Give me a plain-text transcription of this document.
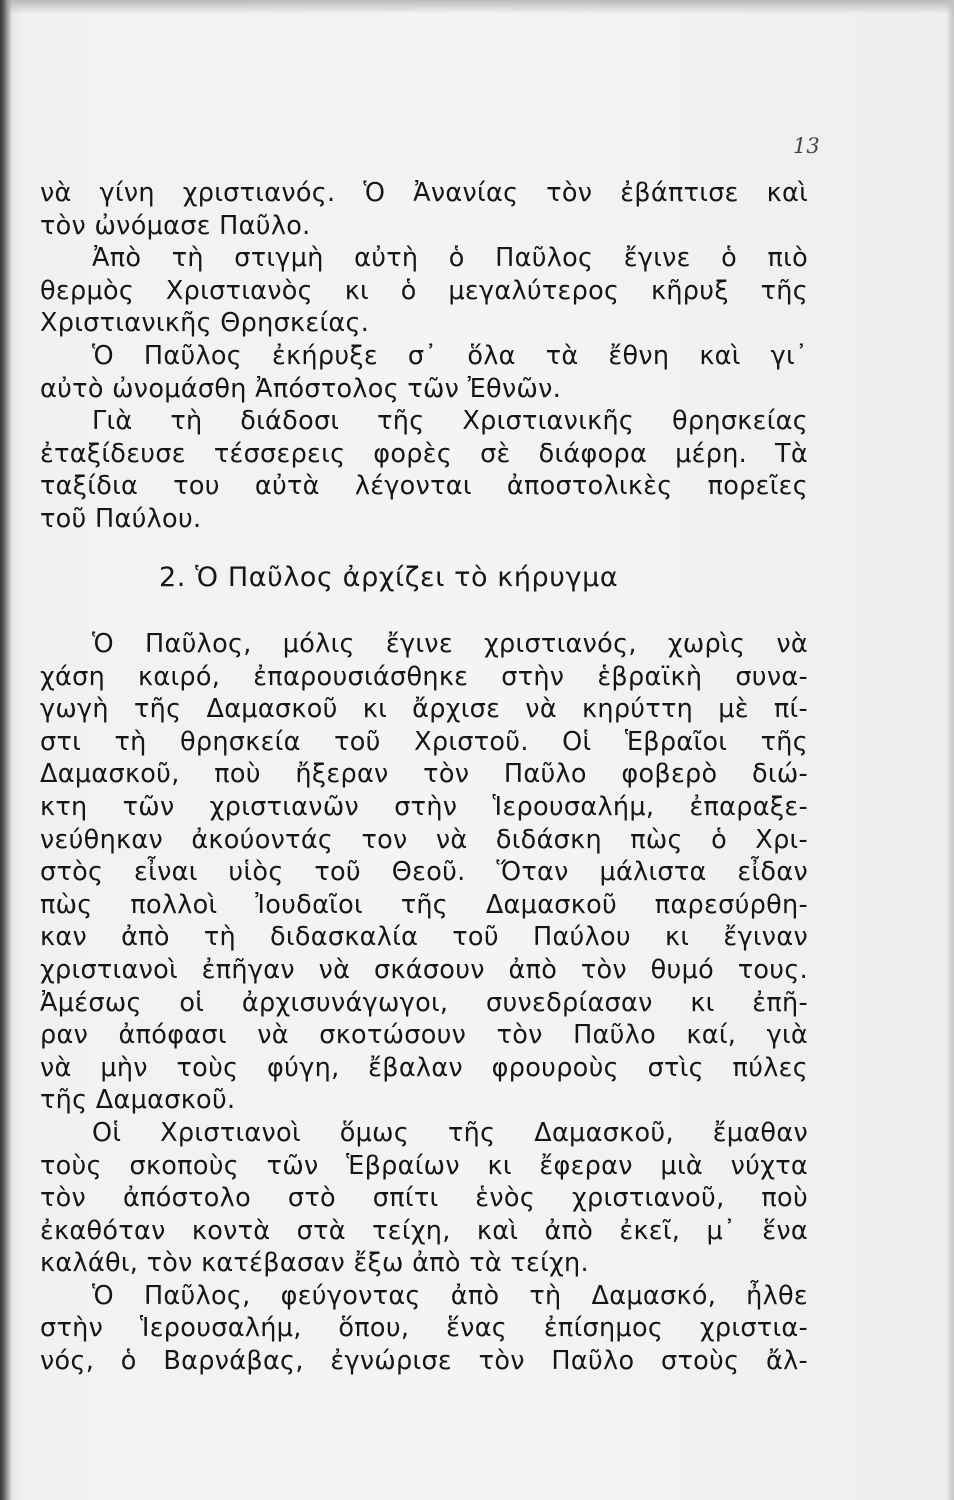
13
νὰ γίνη χριστιανός. Ὁ Ἀνανίας τὸν ἐβάπτισε καὶ
τὸν ὠνόμασε Παῦλο.
Ἀπὸ τὴ στιγμὴ αὐτὴ ὁ Παῦλος ἔγινε ὁ πιὸ
θερμὸς Χριστιανὸς κι ὁ μεγαλύτερος κῆρυξ τῆς
Χριστιανικῆς Θρησκείας.
Ὁ Παῦλος ἐκήρυξε σ᾿ ὅλα τὰ ἔθνη καὶ γι᾿
αὐτὸ ὠνομάσθη Ἀπόστολος τῶν Ἐθνῶν.
Γιὰ τὴ διάδοσι τῆς Χριστιανικῆς θρησκείας
ἐταξίδευσε τέσσερεις φορὲς σὲ διάφορα μέρη. Τὰ
ταξίδια του αὐτὰ λέγονται ἀποστολικὲς πορεῖες
τοῦ Παύλου.
2. Ὁ Παῦλος ἀρχίζει τὸ κήρυγμα
Ὁ Παῦλος, μόλις ἔγινε χριστιανός, χωρὶς νὰ
χάση καιρό, ἐπαρουσιάσθηκε στὴν ἑβραϊκὴ συνα-
γωγὴ τῆς Δαμασκοῦ κι ἄρχισε νὰ κηρύττη μὲ πί-
στι τὴ θρησκεία τοῦ Χριστοῦ. Οἱ Ἑβραῖοι τῆς
Δαμασκοῦ, ποὺ ἤξεραν τὸν Παῦλο φοβερὸ διώ-
κτη τῶν χριστιανῶν στὴν Ἱερουσαλήμ, ἐπαραξε-
νεύθηκαν ἀκούοντάς τον νὰ διδάσκη πὼς ὁ Χρι-
στὸς εἶναι υἱὸς τοῦ Θεοῦ. Ὅταν μάλιστα εἶδαν
πὼς πολλοὶ Ἰουδαῖοι τῆς Δαμασκοῦ παρεσύρθη-
καν ἀπὸ τὴ διδασκαλία τοῦ Παύλου κι ἔγιναν
χριστιανοὶ ἐπῆγαν νὰ σκάσουν ἀπὸ τὸν θυμό τους.
Ἀμέσως οἱ ἀρχισυνάγωγοι, συνεδρίασαν κι ἐπῆ-
ραν ἀπόφασι νὰ σκοτώσουν τὸν Παῦλο καί, γιὰ
νὰ μὴν τοὺς φύγη, ἔβαλαν φρουροὺς στὶς πύλες
τῆς Δαμασκοῦ.
Οἱ Χριστιανοὶ ὅμως τῆς Δαμασκοῦ, ἔμαθαν
τοὺς σκοποὺς τῶν Ἑβραίων κι ἔφεραν μιὰ νύχτα
τὸν ἀπόστολο στὸ σπίτι ἑνὸς χριστιανοῦ, ποὺ
ἐκαθόταν κοντὰ στὰ τείχη, καὶ ἀπὸ ἐκεῖ, μ᾿ ἕνα
καλάθι, τὸν κατέβασαν ἔξω ἀπὸ τὰ τείχη.
Ὁ Παῦλος, φεύγοντας ἀπὸ τὴ Δαμασκό, ἦλθε
στὴν Ἱερουσαλήμ, ὅπου, ἕνας ἐπίσημος χριστια-
νός, ὁ Βαρνάβας, ἐγνώρισε τὸν Παῦλο στοὺς ἄλ-
